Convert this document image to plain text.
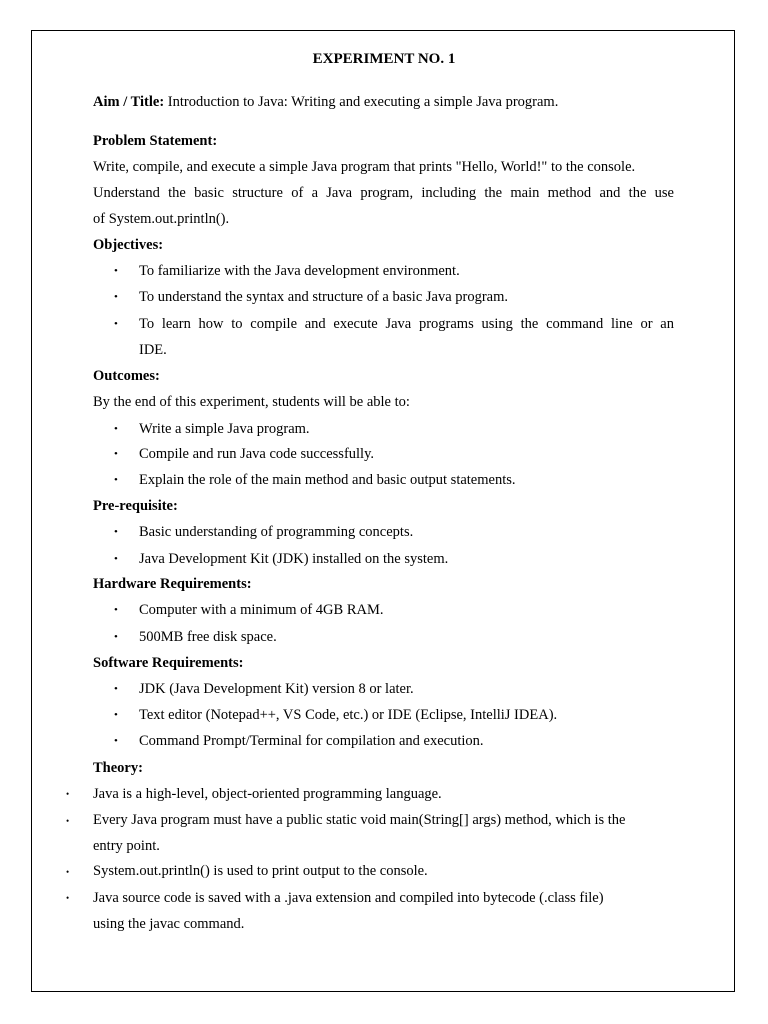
EXPERIMENT NO. 1
Aim / Title: Introduction to Java: Writing and executing a simple Java program.
Problem Statement:
Write, compile, and execute a simple Java program that prints "Hello, World!" to the console.
Understand the basic structure of a Java program, including the main method and the use
of System.out.println().
Objectives:
• To familiarize with the Java development environment.
• To understand the syntax and structure of a basic Java program.
• To learn how to compile and execute Java programs using the command line or an
IDE.
Outcomes:
By the end of this experiment, students will be able to:
• Write a simple Java program.
• Compile and run Java code successfully.
• Explain the role of the main method and basic output statements.
Pre-requisite:
• Basic understanding of programming concepts.
• Java Development Kit (JDK) installed on the system.
Hardware Requirements:
• Computer with a minimum of 4GB RAM.
• 500MB free disk space.
Software Requirements:
• JDK (Java Development Kit) version 8 or later.
• Text editor (Notepad++, VS Code, etc.) or IDE (Eclipse, IntelliJ IDEA).
• Command Prompt/Terminal for compilation and execution.
Theory:
• Java is a high-level, object-oriented programming language.
• Every Java program must have a public static void main(String[] args) method, which is the
entry point.
• System.out.println() is used to print output to the console.
• Java source code is saved with a .java extension and compiled into bytecode (.class file)
using the javac command.
